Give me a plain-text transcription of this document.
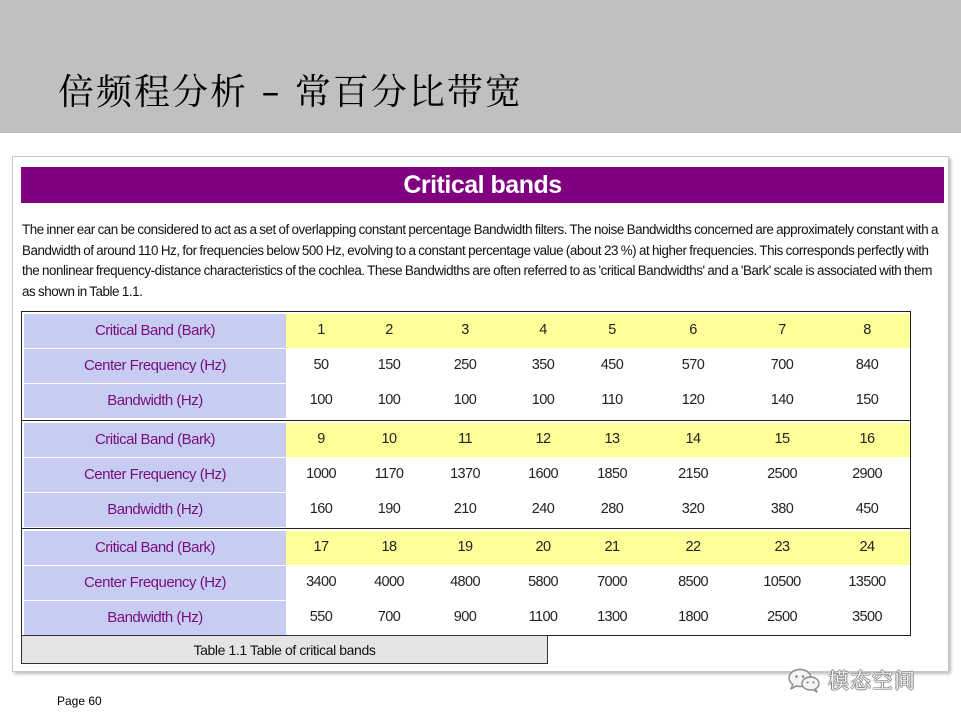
倍频程分析 – 常百分比带宽
Critical bands

The inner ear can be considered to act as a set of overlapping constant percentage Bandwidth filters. The noise Bandwidths concerned are approximately constant with a Bandwidth of around 110 Hz, for frequencies below 500 Hz, evolving to a constant percentage value (about 23 %) at higher frequencies. This corresponds perfectly with the nonlinear frequency-distance characteristics of the cochlea. These Bandwidths are often referred to as 'critical Bandwidths' and a 'Bark' scale is associated with them as shown in Table 1.1.

Critical Band (Bark)	1	2	3	4	5	6	7	8
Center Frequency (Hz)	50	150	250	350	450	570	700	840
Bandwidth (Hz)	100	100	100	100	110	120	140	150
Critical Band (Bark)	9	10	11	12	13	14	15	16
Center Frequency (Hz)	1000	1170	1370	1600	1850	2150	2500	2900
Bandwidth (Hz)	160	190	210	240	280	320	380	450
Critical Band (Bark)	17	18	19	20	21	22	23	24
Center Frequency (Hz)	3400	4000	4800	5800	7000	8500	10500	13500
Bandwidth (Hz)	550	700	900	1100	1300	1800	2500	3500
Table 1.1 Table of critical bands
Page 60
模态空间
